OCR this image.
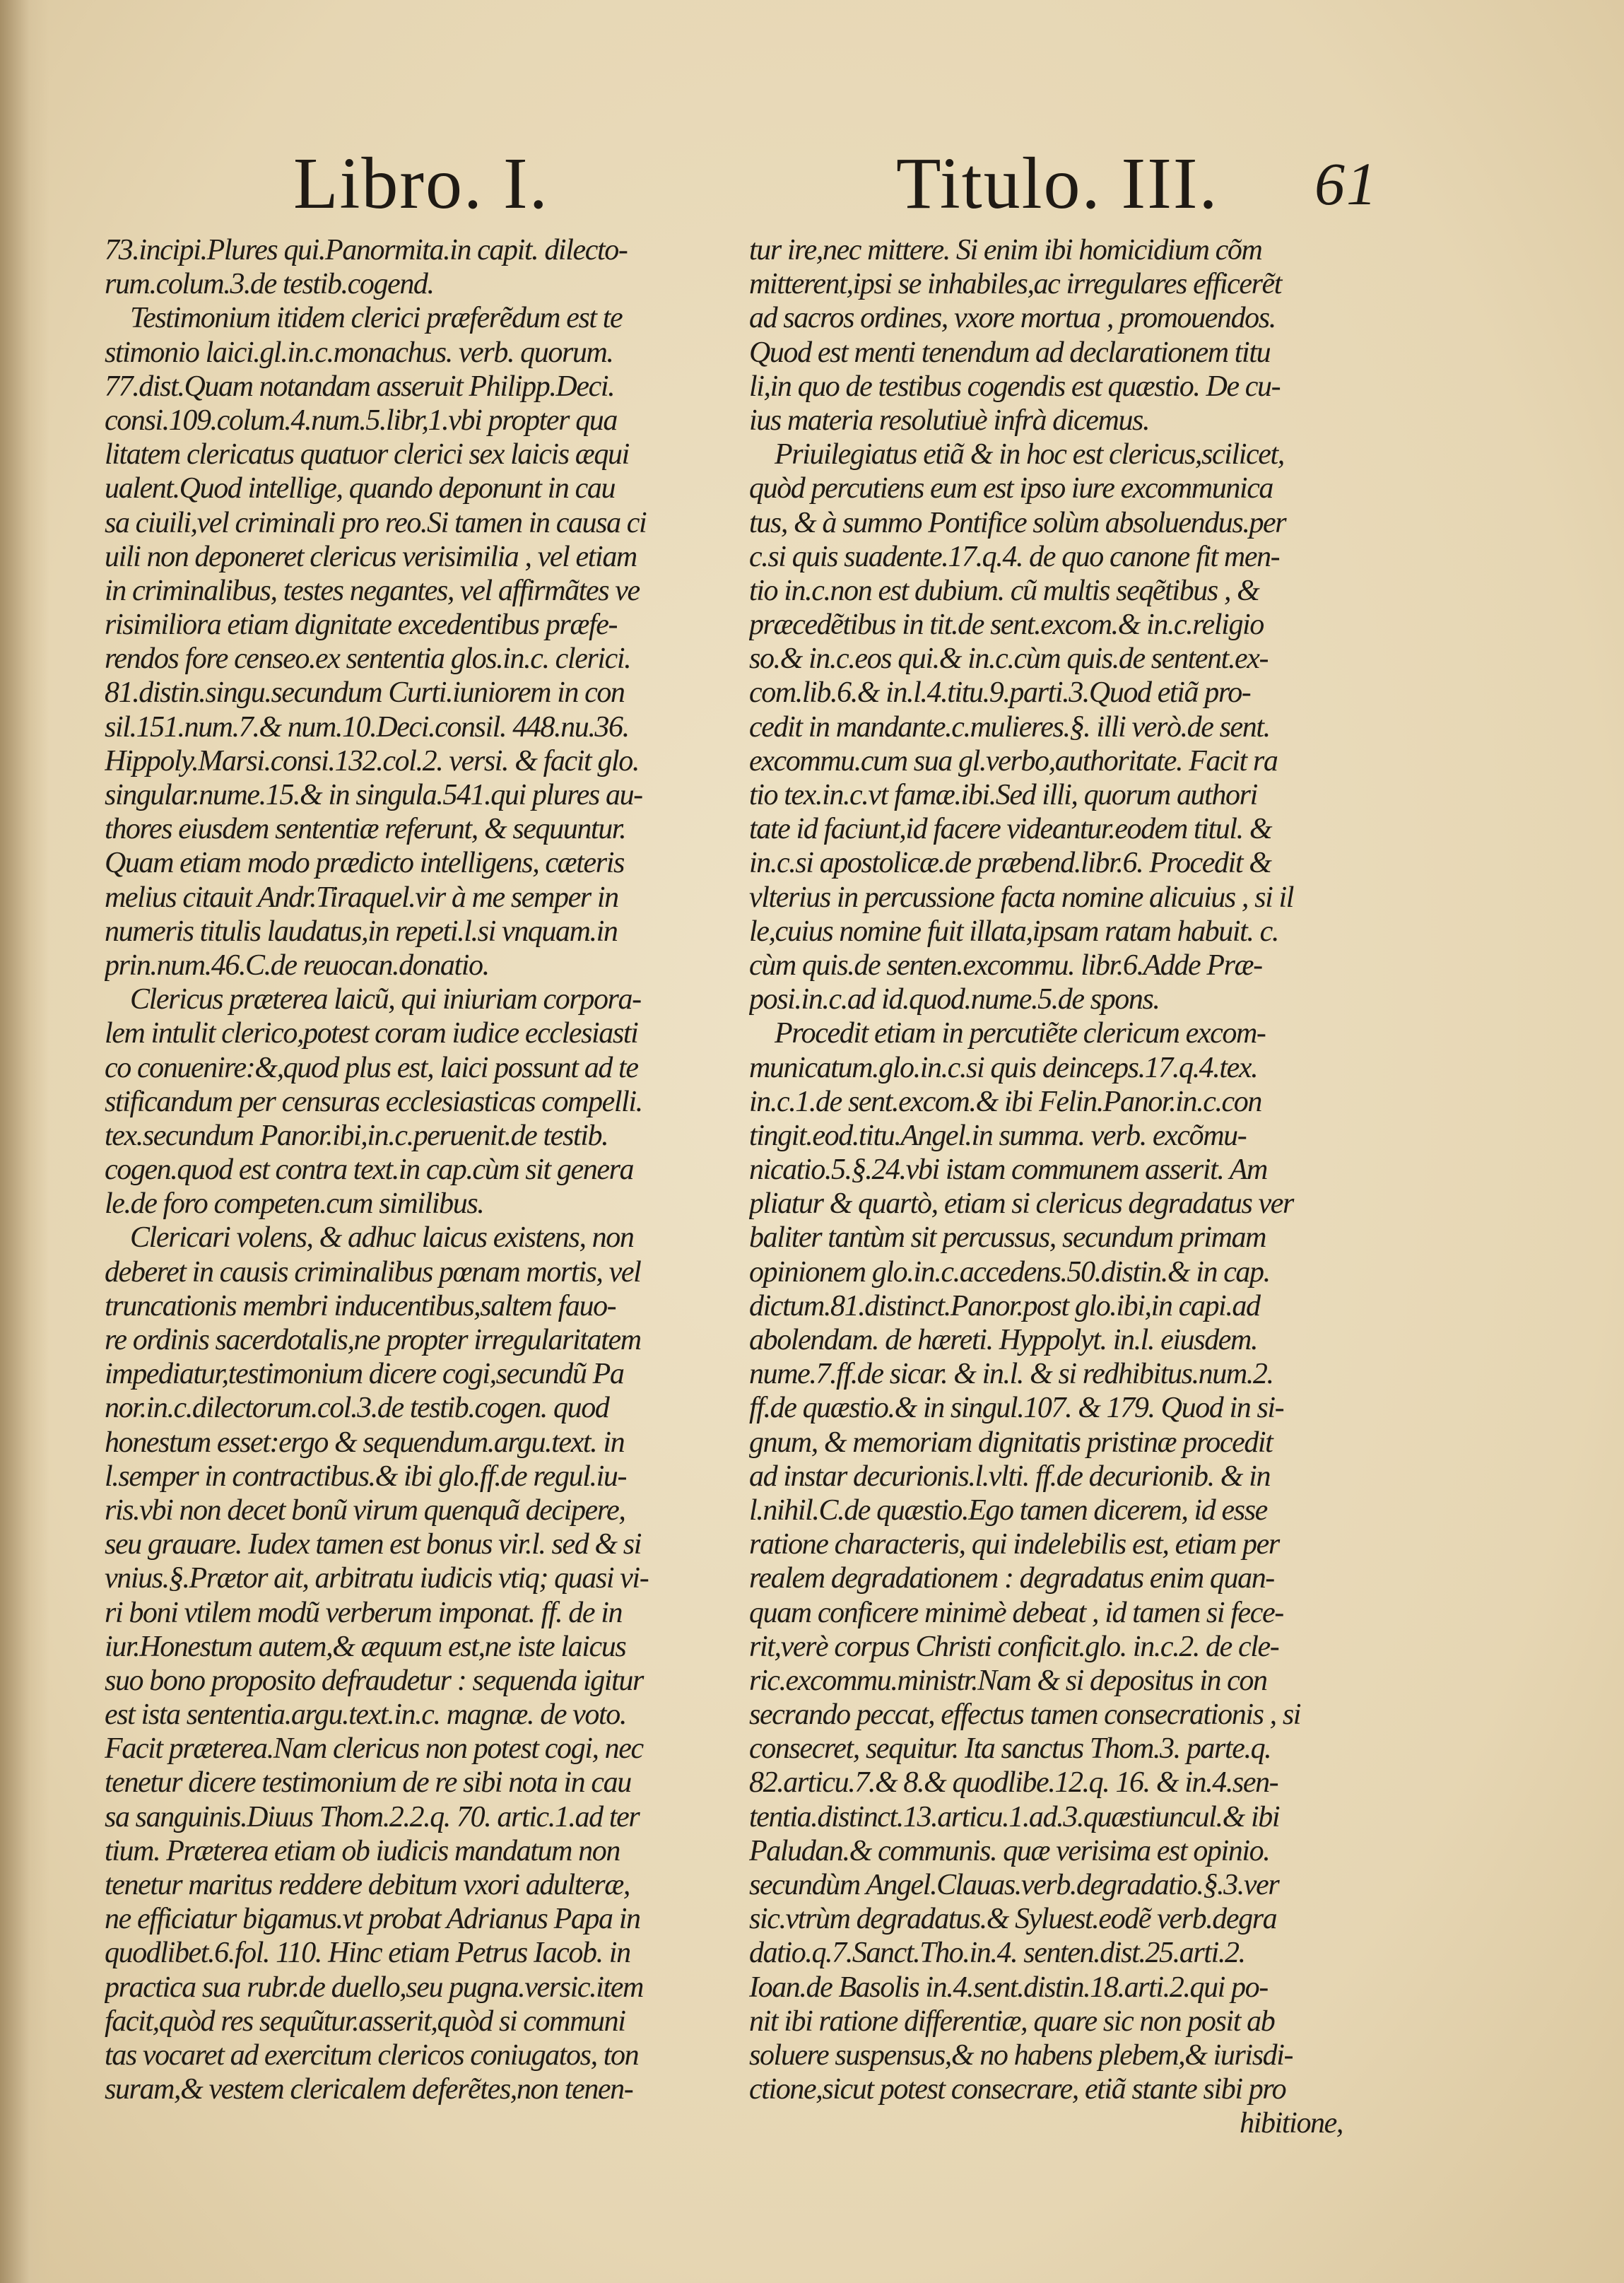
Libro. I.	Titulo. III. 61
73.incipi.Plures qui.Panormita.in capit. dilecto-
rum.colum.3.de testib.cogend.
Testimonium itidem clerici præferẽdum est te
stimonio laici.gl.in.c.monachus. verb. quorum.
77.dist.Quam notandam asseruit Philipp.Deci.
consi.109.colum.4.num.5.libr,1.vbi propter qua
litatem clericatus quatuor clerici sex laicis æqui
ualent.Quod intellige, quando deponunt in cau
sa ciuili,vel criminali pro reo.Si tamen in causa ci
uili non deponeret clericus verisimilia , vel etiam
in criminalibus, testes negantes, vel affirmãtes ve
risimiliora etiam dignitate excedentibus præfe-
rendos fore censeo.ex sententia glos.in.c. clerici.
81.distin.singu.secundum Curti.iuniorem in con
sil.151.num.7.& num.10.Deci.consil. 448.nu.36.
Hippoly.Marsi.consi.132.col.2. versi. & facit glo.
singular.nume.15.& in singula.541.qui plures au-
thores eiusdem sententiæ referunt, & sequuntur.
Quam etiam modo prædicto intelligens, cæteris
melius citauit Andr.Tiraquel.vir à me semper in
numeris titulis laudatus,in repeti.l.si vnquam.in
prin.num.46.C.de reuocan.donatio.
Clericus præterea laicũ, qui iniuriam corpora-
lem intulit clerico,potest coram iudice ecclesiasti
co conuenire:&,quod plus est, laici possunt ad te
stificandum per censuras ecclesiasticas compelli.
tex.secundum Panor.ibi,in.c.peruenit.de testib.
cogen.quod est contra text.in cap.cùm sit genera
le.de foro competen.cum similibus.
Clericari volens, & adhuc laicus existens, non
deberet in causis criminalibus pœnam mortis, vel
truncationis membri inducentibus,saltem fauo-
re ordinis sacerdotalis,ne propter irregularitatem
impediatur,testimonium dicere cogi,secundũ Pa
nor.in.c.dilectorum.col.3.de testib.cogen. quod
honestum esset:ergo & sequendum.argu.text. in
l.semper in contractibus.& ibi glo.ff.de regul.iu-
ris.vbi non decet bonũ virum quenquã decipere,
seu grauare. Iudex tamen est bonus vir.l. sed & si
vnius.§.Prætor ait, arbitratu iudicis vtiq; quasi vi-
ri boni vtilem modũ verberum imponat. ff. de in
iur.Honestum autem,& æquum est,ne iste laicus
suo bono proposito defraudetur : sequenda igitur
est ista sententia.argu.text.in.c. magnæ. de voto.
Facit præterea.Nam clericus non potest cogi, nec
tenetur dicere testimonium de re sibi nota in cau
sa sanguinis.Diuus Thom.2.2.q. 70. artic.1.ad ter
tium. Præterea etiam ob iudicis mandatum non
tenetur maritus reddere debitum vxori adulteræ,
ne efficiatur bigamus.vt probat Adrianus Papa in
quodlibet.6.fol. 110. Hinc etiam Petrus Iacob. in
practica sua rubr.de duello,seu pugna.versic.item
facit,quòd res sequũtur.asserit,quòd si communi
tas vocaret ad exercitum clericos coniugatos, ton
suram,& vestem clericalem deferẽtes,non tenen-
tur ire,nec mittere. Si enim ibi homicidium cõm
mitterent,ipsi se inhabiles,ac irregulares efficerẽt
ad sacros ordines, vxore mortua , promouendos.
Quod est menti tenendum ad declarationem titu
li,in quo de testibus cogendis est quæstio. De cu-
ius materia resolutiuè infrà dicemus.
Priuilegiatus etiã & in hoc est clericus,scilicet,
quòd percutiens eum est ipso iure excommunica
tus, & à summo Pontifice solùm absoluendus.per
c.si quis suadente.17.q.4. de quo canone fit men-
tio in.c.non est dubium. cũ multis seqẽtibus , &
præcedẽtibus in tit.de sent.excom.& in.c.religio
so.& in.c.eos qui.& in.c.cùm quis.de sentent.ex-
com.lib.6.& in.l.4.titu.9.parti.3.Quod etiã pro-
cedit in mandante.c.mulieres.§. illi verò.de sent.
excommu.cum sua gl.verbo,authoritate. Facit ra
tio tex.in.c.vt famæ.ibi.Sed illi, quorum authori
tate id faciunt,id facere videantur.eodem titul. &
in.c.si apostolicæ.de præbend.libr.6. Procedit &
vlterius in percussione facta nomine alicuius , si il
le,cuius nomine fuit illata,ipsam ratam habuit. c.
cùm quis.de senten.excommu. libr.6.Adde Præ-
posi.in.c.ad id.quod.nume.5.de spons.
Procedit etiam in percutiẽte clericum excom-
municatum.glo.in.c.si quis deinceps.17.q.4.tex.
in.c.1.de sent.excom.& ibi Felin.Panor.in.c.con
tingit.eod.titu.Angel.in summa. verb. excõmu-
nicatio.5.§.24.vbi istam communem asserit. Am
pliatur & quartò, etiam si clericus degradatus ver
baliter tantùm sit percussus, secundum primam
opinionem glo.in.c.accedens.50.distin.& in cap.
dictum.81.distinct.Panor.post glo.ibi,in capi.ad
abolendam. de hæreti. Hyppolyt. in.l. eiusdem.
nume.7.ff.de sicar. & in.l. & si redhibitus.num.2.
ff.de quæstio.& in singul.107. & 179. Quod in si-
gnum, & memoriam dignitatis pristinæ procedit
ad instar decurionis.l.vlti. ff.de decurionib. & in
l.nihil.C.de quæstio.Ego tamen dicerem, id esse
ratione characteris, qui indelebilis est, etiam per
realem degradationem : degradatus enim quan-
quam conficere minimè debeat , id tamen si fece-
rit,verè corpus Christi conficit.glo. in.c.2. de cle-
ric.excommu.ministr.Nam & si depositus in con
secrando peccat, effectus tamen consecrationis , si
consecret, sequitur. Ita sanctus Thom.3. parte.q.
82.articu.7.& 8.& quodlibe.12.q. 16. & in.4.sen-
tentia.distinct.13.articu.1.ad.3.quæstiuncul.& ibi
Paludan.& communis. quæ verisima est opinio.
secundùm Angel.Clauas.verb.degradatio.§.3.ver
sic.vtrùm degradatus.& Syluest.eodẽ verb.degra
datio.q.7.Sanct.Tho.in.4. senten.dist.25.arti.2.
Ioan.de Basolis in.4.sent.distin.18.arti.2.qui po-
nit ibi ratione differentiæ, quare sic non posit ab
soluere suspensus,& no habens plebem,& iurisdi-
ctione,sicut potest consecrare, etiã stante sibi pro
hibitione,
